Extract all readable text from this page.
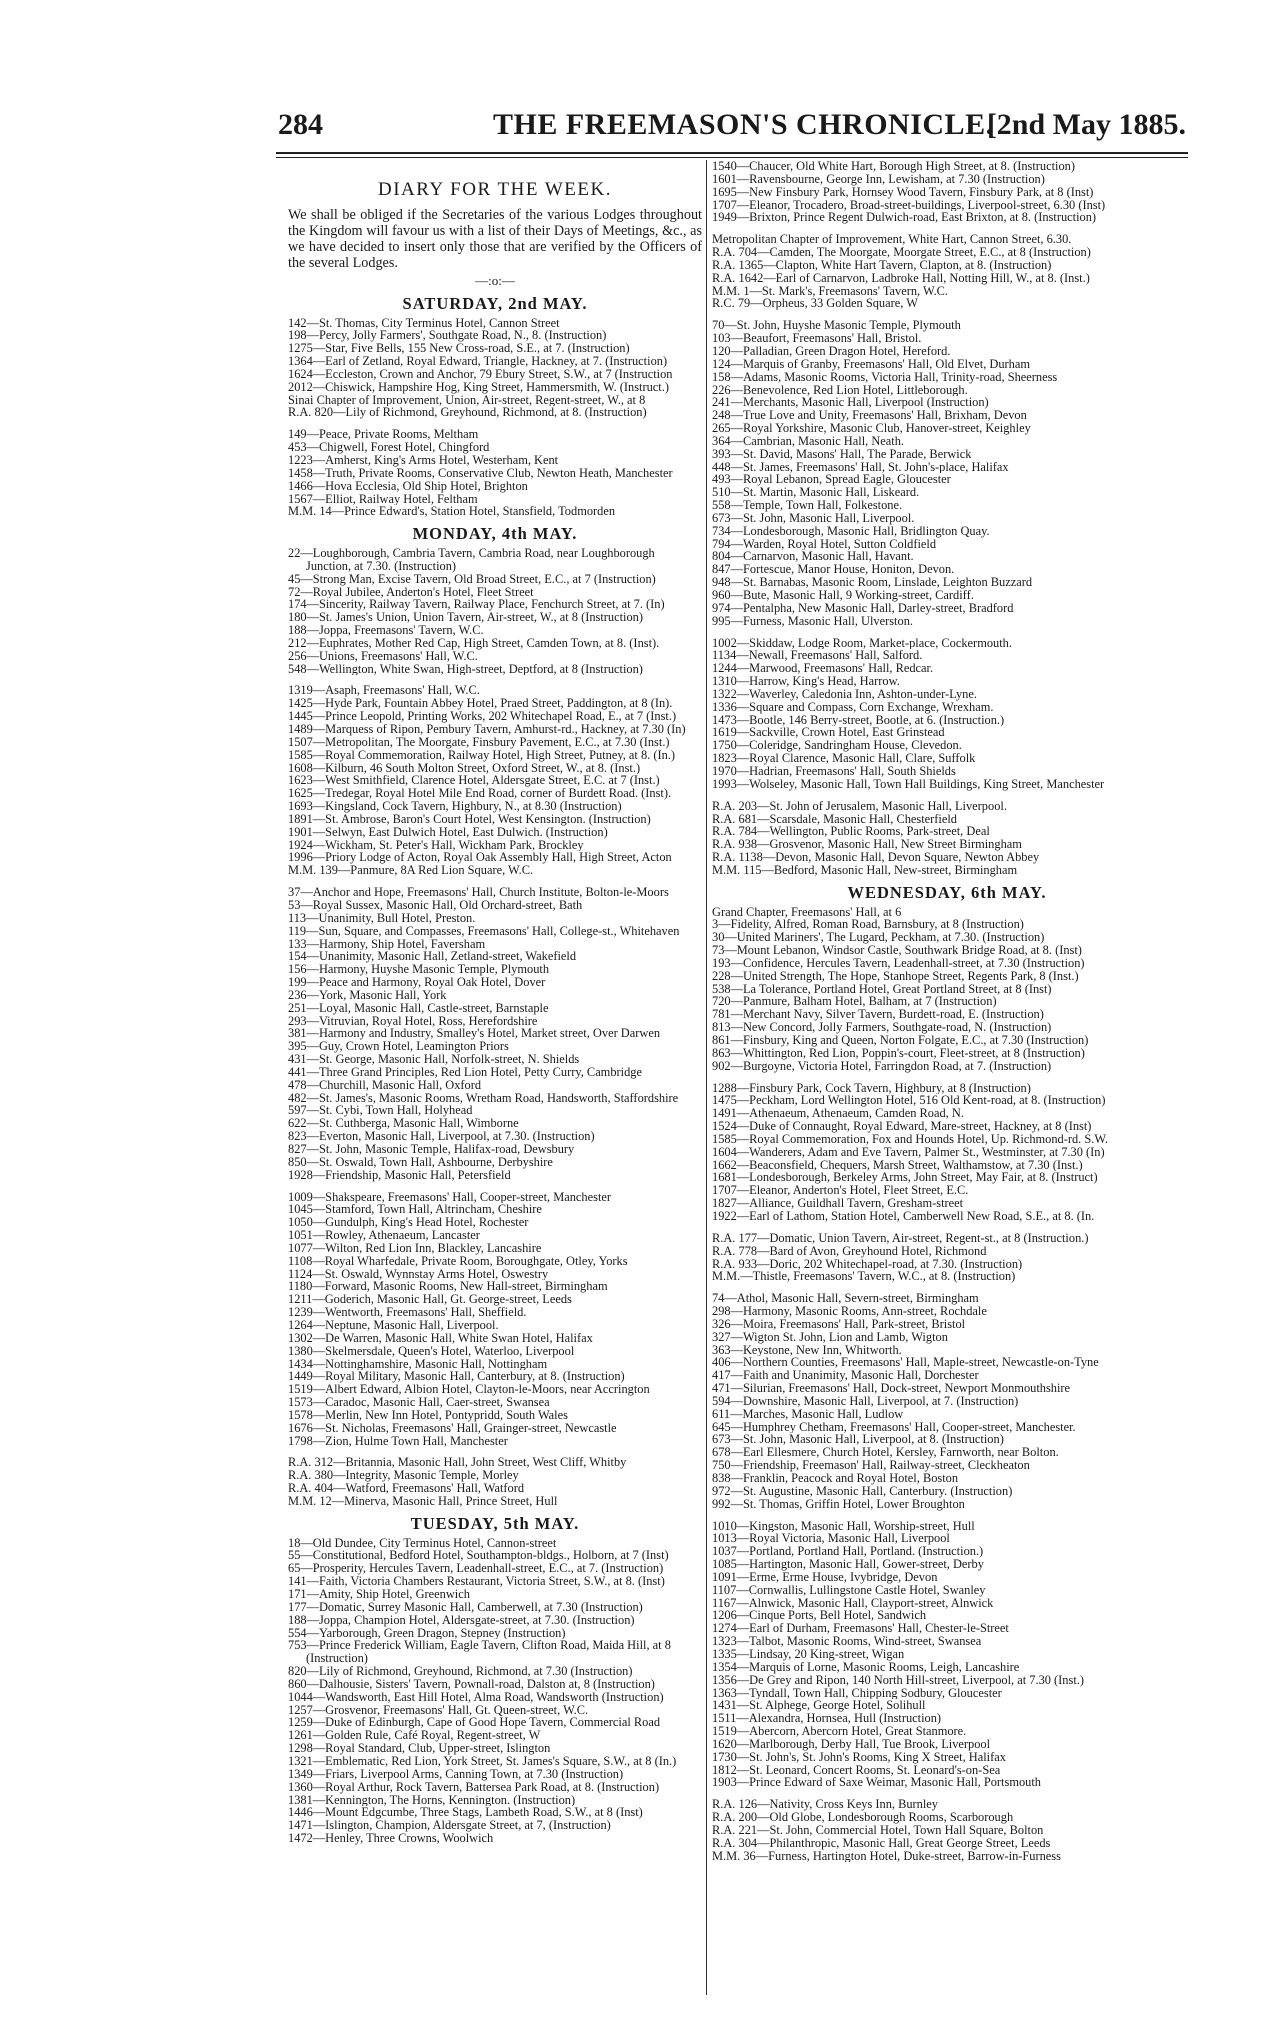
284	THE FREEMASON'S CHRONICLE.
[2nd May 1885.
DIARY FOR THE WEEK.
We shall be obliged if the Secretaries of the various Lodges throughout the Kingdom will favour us with a list of their Days of Meetings, &c., as we have decided to insert only those that are verified by the Officers of the several Lodges.
—:o:—
SATURDAY, 2nd MAY.
142—St. Thomas, City Terminus Hotel, Cannon Street
198—Percy, Jolly Farmers', Southgate Road, N., 8. (Instruction)
1275—Star, Five Bells, 155 New Cross-road, S.E., at 7. (Instruction)
1364—Earl of Zetland, Royal Edward, Triangle, Hackney, at 7. (Instruction)
1624—Eccleston, Crown and Anchor, 79 Ebury Street, S.W., at 7 (Instruction
2012—Chiswick, Hampshire Hog, King Street, Hammersmith, W. (Instruct.)
Sinai Chapter of Improvement, Union, Air-street, Regent-street, W., at 8
R.A. 820—Lily of Richmond, Greyhound, Richmond, at 8. (Instruction)
149—Peace, Private Rooms, Meltham
453—Chigwell, Forest Hotel, Chingford
1223—Amherst, King's Arms Hotel, Westerham, Kent
1458—Truth, Private Rooms, Conservative Club, Newton Heath, Manchester
1466—Hova Ecclesia, Old Ship Hotel, Brighton
1567—Elliot, Railway Hotel, Feltham
M.M. 14—Prince Edward's, Station Hotel, Stansfield, Todmorden
MONDAY, 4th MAY.
22—Loughborough, Cambria Tavern, Cambria Road, near Loughborough
Junction, at 7.30. (Instruction)
45—Strong Man, Excise Tavern, Old Broad Street, E.C., at 7 (Instruction)
72—Royal Jubilee, Anderton's Hotel, Fleet Street
174—Sincerity, Railway Tavern, Railway Place, Fenchurch Street, at 7. (In)
180—St. James's Union, Union Tavern, Air-street, W., at 8 (Instruction)
188—Joppa, Freemasons' Tavern, W.C.
212—Euphrates, Mother Red Cap, High Street, Camden Town, at 8. (Inst).
256—Unions, Freemasons' Hall, W.C.
548—Wellington, White Swan, High-street, Deptford, at 8 (Instruction)
1319—Asaph, Freemasons' Hall, W.C.
1425—Hyde Park, Fountain Abbey Hotel, Praed Street, Paddington, at 8 (In).
1445—Prince Leopold, Printing Works, 202 Whitechapel Road, E., at 7 (Inst.)
1489—Marquess of Ripon, Pembury Tavern, Amhurst-rd., Hackney, at 7.30 (In)
1507—Metropolitan, The Moorgate, Finsbury Pavement, E.C., at 7.30 (Inst.)
1585—Royal Commemoration, Railway Hotel, High Street, Putney, at 8. (In.)
1608—Kilburn, 46 South Molton Street, Oxford Street, W., at 8. (Inst.)
1623—West Smithfield, Clarence Hotel, Aldersgate Street, E.C. at 7 (Inst.)
1625—Tredegar, Royal Hotel Mile End Road, corner of Burdett Road. (Inst).
1693—Kingsland, Cock Tavern, Highbury, N., at 8.30 (Instruction)
1891—St. Ambrose, Baron's Court Hotel, West Kensington. (Instruction)
1901—Selwyn, East Dulwich Hotel, East Dulwich. (Instruction)
1924—Wickham, St. Peter's Hall, Wickham Park, Brockley
1996—Priory Lodge of Acton, Royal Oak Assembly Hall, High Street, Acton
M.M. 139—Panmure, 8A Red Lion Square, W.C.
37—Anchor and Hope, Freemasons' Hall, Church Institute, Bolton-le-Moors
53—Royal Sussex, Masonic Hall, Old Orchard-street, Bath
113—Unanimity, Bull Hotel, Preston.
119—Sun, Square, and Compasses, Freemasons' Hall, College-st., Whitehaven
133—Harmony, Ship Hotel, Faversham
154—Unanimity, Masonic Hall, Zetland-street, Wakefield
156—Harmony, Huyshe Masonic Temple, Plymouth
199—Peace and Harmony, Royal Oak Hotel, Dover
236—York, Masonic Hall, York
251—Loyal, Masonic Hall, Castle-street, Barnstaple
293—Vitruvian, Royal Hotel, Ross, Herefordshire
381—Harmony and Industry, Smalley's Hotel, Market street, Over Darwen
395—Guy, Crown Hotel, Leamington Priors
431—St. George, Masonic Hall, Norfolk-street, N. Shields
441—Three Grand Principles, Red Lion Hotel, Petty Curry, Cambridge
478—Churchill, Masonic Hall, Oxford
482—St. James's, Masonic Rooms, Wretham Road, Handsworth, Staffordshire
597—St. Cybi, Town Hall, Holyhead
622—St. Cuthberga, Masonic Hall, Wimborne
823—Everton, Masonic Hall, Liverpool, at 7.30. (Instruction)
827—St. John, Masonic Temple, Halifax-road, Dewsbury
850—St. Oswald, Town Hall, Ashbourne, Derbyshire
1928—Friendship, Masonic Hall, Petersfield
1009—Shakspeare, Freemasons' Hall, Cooper-street, Manchester
1045—Stamford, Town Hall, Altrincham, Cheshire
1050—Gundulph, King's Head Hotel, Rochester
1051—Rowley, Athenaeum, Lancaster
1077—Wilton, Red Lion Inn, Blackley, Lancashire
1108—Royal Wharfedale, Private Room, Boroughgate, Otley, Yorks
1124—St. Oswald, Wynnstay Arms Hotel, Oswestry
1180—Forward, Masonic Rooms, New Hall-street, Birmingham
1211—Goderich, Masonic Hall, Gt. George-street, Leeds
1239—Wentworth, Freemasons' Hall, Sheffield.
1264—Neptune, Masonic Hall, Liverpool.
1302—De Warren, Masonic Hall, White Swan Hotel, Halifax
1380—Skelmersdale, Queen's Hotel, Waterloo, Liverpool
1434—Nottinghamshire, Masonic Hall, Nottingham
1449—Royal Military, Masonic Hall, Canterbury, at 8. (Instruction)
1519—Albert Edward, Albion Hotel, Clayton-le-Moors, near Accrington
1573—Caradoc, Masonic Hall, Caer-street, Swansea
1578—Merlin, New Inn Hotel, Pontypridd, South Wales
1676—St. Nicholas, Freemasons' Hall, Grainger-street, Newcastle
1798—Zion, Hulme Town Hall, Manchester
R.A. 312—Britannia, Masonic Hall, John Street, West Cliff, Whitby
R.A. 380—Integrity, Masonic Temple, Morley
R.A. 404—Watford, Freemasons' Hall, Watford
M.M. 12—Minerva, Masonic Hall, Prince Street, Hull
TUESDAY, 5th MAY.
18—Old Dundee, City Terminus Hotel, Cannon-street
55—Constitutional, Bedford Hotel, Southampton-bldgs., Holborn, at 7 (Inst)
65—Prosperity, Hercules Tavern, Leadenhall-street, E.C., at 7. (Instruction)
141—Faith, Victoria Chambers Restaurant, Victoria Street, S.W., at 8. (Inst)
171—Amity, Ship Hotel, Greenwich
177—Domatic, Surrey Masonic Hall, Camberwell, at 7.30 (Instruction)
188—Joppa, Champion Hotel, Aldersgate-street, at 7.30. (Instruction)
554—Yarborough, Green Dragon, Stepney (Instruction)
753—Prince Frederick William, Eagle Tavern, Clifton Road, Maida Hill, at 8
(Instruction)
820—Lily of Richmond, Greyhound, Richmond, at 7.30 (Instruction)
860—Dalhousie, Sisters' Tavern, Pownall-road, Dalston at, 8 (Instruction)
1044—Wandsworth, East Hill Hotel, Alma Road, Wandsworth (Instruction)
1257—Grosvenor, Freemasons' Hall, Gt. Queen-street, W.C.
1259—Duke of Edinburgh, Cape of Good Hope Tavern, Commercial Road
1261—Golden Rule, Café Royal, Regent-street, W
1298—Royal Standard, Club, Upper-street, Islington
1321—Emblematic, Red Lion, York Street, St. James's Square, S.W., at 8 (In.)
1349—Friars, Liverpool Arms, Canning Town, at 7.30 (Instruction)
1360—Royal Arthur, Rock Tavern, Battersea Park Road, at 8. (Instruction)
1381—Kennington, The Horns, Kennington. (Instruction)
1446—Mount Edgcumbe, Three Stags, Lambeth Road, S.W., at 8 (Inst)
1471—Islington, Champion, Aldersgate Street, at 7, (Instruction)
1472—Henley, Three Crowns, Woolwich
1540—Chaucer, Old White Hart, Borough High Street, at 8. (Instruction)
1601—Ravensbourne, George Inn, Lewisham, at 7.30 (Instruction)
1695—New Finsbury Park, Hornsey Wood Tavern, Finsbury Park, at 8 (Inst)
1707—Eleanor, Trocadero, Broad-street-buildings, Liverpool-street, 6.30 (Inst)
1949—Brixton, Prince Regent Dulwich-road, East Brixton, at 8. (Instruction)
Metropolitan Chapter of Improvement, White Hart, Cannon Street, 6.30.
R.A. 704—Camden, The Moorgate, Moorgate Street, E.C., at 8 (Instruction)
R.A. 1365—Clapton, White Hart Tavern, Clapton, at 8. (Instruction)
R.A. 1642—Earl of Carnarvon, Ladbroke Hall, Notting Hill, W., at 8. (Inst.)
M.M. 1—St. Mark's, Freemasons' Tavern, W.C.
R.C. 79—Orpheus, 33 Golden Square, W
70—St. John, Huyshe Masonic Temple, Plymouth
103—Beaufort, Freemasons' Hall, Bristol.
120—Palladian, Green Dragon Hotel, Hereford.
124—Marquis of Granby, Freemasons' Hall, Old Elvet, Durham
158—Adams, Masonic Rooms, Victoria Hall, Trinity-road, Sheerness
226—Benevolence, Red Lion Hotel, Littleborough.
241—Merchants, Masonic Hall, Liverpool (Instruction)
248—True Love and Unity, Freemasons' Hall, Brixham, Devon
265—Royal Yorkshire, Masonic Club, Hanover-street, Keighley
364—Cambrian, Masonic Hall, Neath.
393—St. David, Masons' Hall, The Parade, Berwick
448—St. James, Freemasons' Hall, St. John's-place, Halifax
493—Royal Lebanon, Spread Eagle, Gloucester
510—St. Martin, Masonic Hall, Liskeard.
558—Temple, Town Hall, Folkestone.
673—St. John, Masonic Hall, Liverpool.
734—Londesborough, Masonic Hall, Bridlington Quay.
794—Warden, Royal Hotel, Sutton Coldfield
804—Carnarvon, Masonic Hall, Havant.
847—Fortescue, Manor House, Honiton, Devon.
948—St. Barnabas, Masonic Room, Linslade, Leighton Buzzard
960—Bute, Masonic Hall, 9 Working-street, Cardiff.
974—Pentalpha, New Masonic Hall, Darley-street, Bradford
995—Furness, Masonic Hall, Ulverston.
1002—Skiddaw, Lodge Room, Market-place, Cockermouth.
1134—Newall, Freemasons' Hall, Salford.
1244—Marwood, Freemasons' Hall, Redcar.
1310—Harrow, King's Head, Harrow.
1322—Waverley, Caledonia Inn, Ashton-under-Lyne.
1336—Square and Compass, Corn Exchange, Wrexham.
1473—Bootle, 146 Berry-street, Bootle, at 6. (Instruction.)
1619—Sackville, Crown Hotel, East Grinstead
1750—Coleridge, Sandringham House, Clevedon.
1823—Royal Clarence, Masonic Hall, Clare, Suffolk
1970—Hadrian, Freemasons' Hall, South Shields
1993—Wolseley, Masonic Hall, Town Hall Buildings, King Street, Manchester
R.A. 203—St. John of Jerusalem, Masonic Hall, Liverpool.
R.A. 681—Scarsdale, Masonic Hall, Chesterfield
R.A. 784—Wellington, Public Rooms, Park-street, Deal
R.A. 938—Grosvenor, Masonic Hall, New Street Birmingham
R.A. 1138—Devon, Masonic Hall, Devon Square, Newton Abbey
M.M. 115—Bedford, Masonic Hall, New-street, Birmingham
WEDNESDAY, 6th MAY.
Grand Chapter, Freemasons' Hall, at 6
3—Fidelity, Alfred, Roman Road, Barnsbury, at 8 (Instruction)
30—United Mariners', The Lugard, Peckham, at 7.30. (Instruction)
73—Mount Lebanon, Windsor Castle, Southwark Bridge Road, at 8. (Inst)
193—Confidence, Hercules Tavern, Leadenhall-street, at 7.30 (Instruction)
228—United Strength, The Hope, Stanhope Street, Regents Park, 8 (Inst.)
538—La Tolerance, Portland Hotel, Great Portland Street, at 8 (Inst)
720—Panmure, Balham Hotel, Balham, at 7 (Instruction)
781—Merchant Navy, Silver Tavern, Burdett-road, E. (Instruction)
813—New Concord, Jolly Farmers, Southgate-road, N. (Instruction)
861—Finsbury, King and Queen, Norton Folgate, E.C., at 7.30 (Instruction)
863—Whittington, Red Lion, Poppin's-court, Fleet-street, at 8 (Instruction)
902—Burgoyne, Victoria Hotel, Farringdon Road, at 7. (Instruction)
1288—Finsbury Park, Cock Tavern, Highbury, at 8 (Instruction)
1475—Peckham, Lord Wellington Hotel, 516 Old Kent-road, at 8. (Instruction)
1491—Athenaeum, Athenaeum, Camden Road, N.
1524—Duke of Connaught, Royal Edward, Mare-street, Hackney, at 8 (Inst)
1585—Royal Commemoration, Fox and Hounds Hotel, Up. Richmond-rd. S.W.
1604—Wanderers, Adam and Eve Tavern, Palmer St., Westminster, at 7.30 (In)
1662—Beaconsfield, Chequers, Marsh Street, Walthamstow, at 7.30 (Inst.)
1681—Londesborough, Berkeley Arms, John Street, May Fair, at 8. (Instruct)
1707—Eleanor, Anderton's Hotel, Fleet Street, E.C.
1827—Alliance, Guildhall Tavern, Gresham-street
1922—Earl of Lathom, Station Hotel, Camberwell New Road, S.E., at 8. (In.
R.A. 177—Domatic, Union Tavern, Air-street, Regent-st., at 8 (Instruction.)
R.A. 778—Bard of Avon, Greyhound Hotel, Richmond
R.A. 933—Doric, 202 Whitechapel-road, at 7.30. (Instruction)
M.M.—Thistle, Freemasons' Tavern, W.C., at 8. (Instruction)
74—Athol, Masonic Hall, Severn-street, Birmingham
298—Harmony, Masonic Rooms, Ann-street, Rochdale
326—Moira, Freemasons' Hall, Park-street, Bristol
327—Wigton St. John, Lion and Lamb, Wigton
363—Keystone, New Inn, Whitworth.
406—Northern Counties, Freemasons' Hall, Maple-street, Newcastle-on-Tyne
417—Faith and Unanimity, Masonic Hall, Dorchester
471—Silurian, Freemasons' Hall, Dock-street, Newport Monmouthshire
594—Downshire, Masonic Hall, Liverpool, at 7. (Instruction)
611—Marches, Masonic Hall, Ludlow
645—Humphrey Chetham, Freemasons' Hall, Cooper-street, Manchester.
673—St. John, Masonic Hall, Liverpool, at 8. (Instruction)
678—Earl Ellesmere, Church Hotel, Kersley, Farnworth, near Bolton.
750—Friendship, Freemason' Hall, Railway-street, Cleckheaton
838—Franklin, Peacock and Royal Hotel, Boston
972—St. Augustine, Masonic Hall, Canterbury. (Instruction)
992—St. Thomas, Griffin Hotel, Lower Broughton
1010—Kingston, Masonic Hall, Worship-street, Hull
1013—Royal Victoria, Masonic Hall, Liverpool
1037—Portland, Portland Hall, Portland. (Instruction.)
1085—Hartington, Masonic Hall, Gower-street, Derby
1091—Erme, Erme House, Ivybridge, Devon
1107—Cornwallis, Lullingstone Castle Hotel, Swanley
1167—Alnwick, Masonic Hall, Clayport-street, Alnwick
1206—Cinque Ports, Bell Hotel, Sandwich
1274—Earl of Durham, Freemasons' Hall, Chester-le-Street
1323—Talbot, Masonic Rooms, Wind-street, Swansea
1335—Lindsay, 20 King-street, Wigan
1354—Marquis of Lorne, Masonic Rooms, Leigh, Lancashire
1356—De Grey and Ripon, 140 North Hill-street, Liverpool, at 7.30 (Inst.)
1363—Tyndall, Town Hall, Chipping Sodbury, Gloucester
1431—St. Alphege, George Hotel, Solihull
1511—Alexandra, Hornsea, Hull (Instruction)
1519—Abercorn, Abercorn Hotel, Great Stanmore.
1620—Marlborough, Derby Hall, Tue Brook, Liverpool
1730—St. John's, St. John's Rooms, King X Street, Halifax
1812—St. Leonard, Concert Rooms, St. Leonard's-on-Sea
1903—Prince Edward of Saxe Weimar, Masonic Hall, Portsmouth
R.A. 126—Nativity, Cross Keys Inn, Burnley
R.A. 200—Old Globe, Londesborough Rooms, Scarborough
R.A. 221—St. John, Commercial Hotel, Town Hall Square, Bolton
R.A. 304—Philanthropic, Masonic Hall, Great George Street, Leeds
M.M. 36—Furness, Hartington Hotel, Duke-street, Barrow-in-Furness
